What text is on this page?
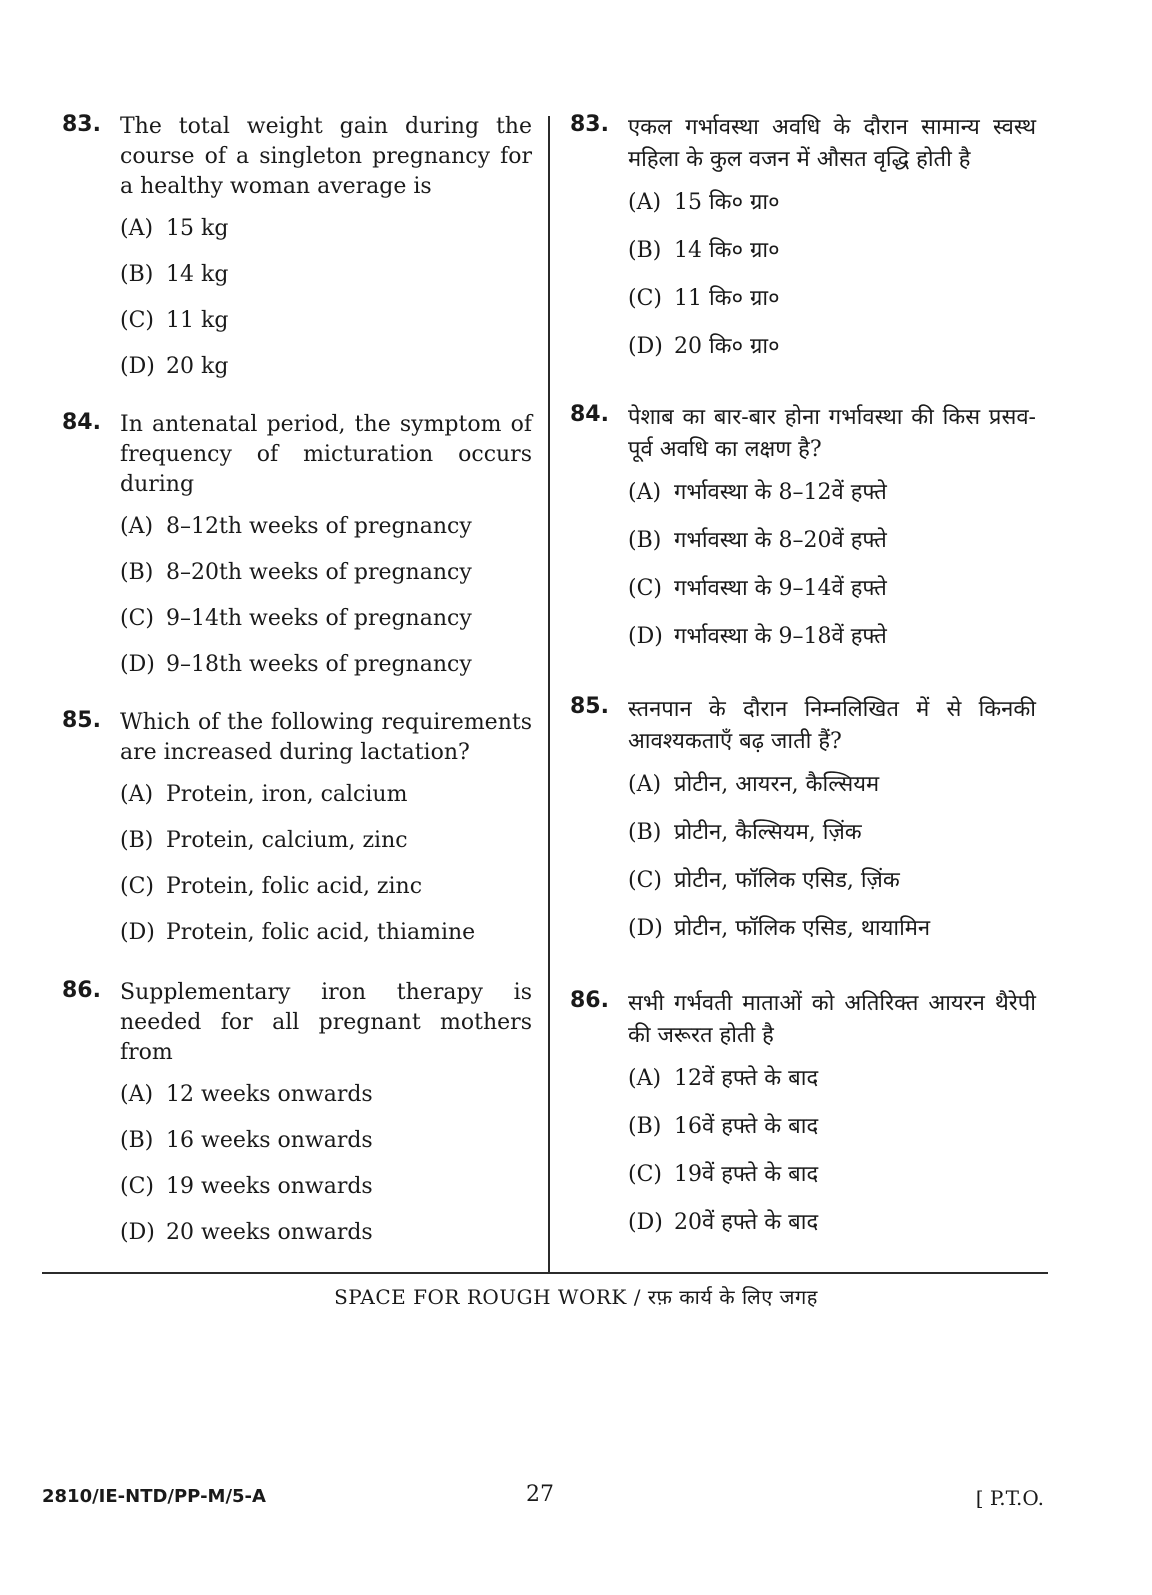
83. The total weight gain during the course of a singleton pregnancy for a healthy woman average is
(A) 15 kg
(B) 14 kg
(C) 11 kg
(D) 20 kg
84. In antenatal period, the symptom of frequency of micturation occurs during
(A) 8–12th weeks of pregnancy
(B) 8–20th weeks of pregnancy
(C) 9–14th weeks of pregnancy
(D) 9–18th weeks of pregnancy
85. Which of the following requirements are increased during lactation?
(A) Protein, iron, calcium
(B) Protein, calcium, zinc
(C) Protein, folic acid, zinc
(D) Protein, folic acid, thiamine
86. Supplementary iron therapy is needed for all pregnant mothers from
(A) 12 weeks onwards
(B) 16 weeks onwards
(C) 19 weeks onwards
(D) 20 weeks onwards
83. एकल गर्भावस्था अवधि के दौरान सामान्य स्वस्थ महिला के कुल वजन में औसत वृद्धि होती है
(A) 15 कि० ग्रा०
(B) 14 कि० ग्रा०
(C) 11 कि० ग्रा०
(D) 20 कि० ग्रा०
84. पेशाब का बार-बार होना गर्भावस्था की किस प्रसव-पूर्व अवधि का लक्षण है?
(A) गर्भावस्था के 8–12वें हफ्ते
(B) गर्भावस्था के 8–20वें हफ्ते
(C) गर्भावस्था के 9–14वें हफ्ते
(D) गर्भावस्था के 9–18वें हफ्ते
85. स्तनपान के दौरान निम्नलिखित में से किनकी आवश्यकताएँ बढ़ जाती हैं?
(A) प्रोटीन, आयरन, कैल्सियम
(B) प्रोटीन, कैल्सियम, ज़िंक
(C) प्रोटीन, फॉलिक एसिड, ज़िंक
(D) प्रोटीन, फॉलिक एसिड, थायामिन
86. सभी गर्भवती माताओं को अतिरिक्त आयरन थैरेपी की जरूरत होती है
(A) 12वें हफ्ते के बाद
(B) 16वें हफ्ते के बाद
(C) 19वें हफ्ते के बाद
(D) 20वें हफ्ते के बाद
SPACE FOR ROUGH WORK / रफ़ कार्य के लिए जगह
2810/IE-NTD/PP-M/5-A	27	[ P.T.O.
